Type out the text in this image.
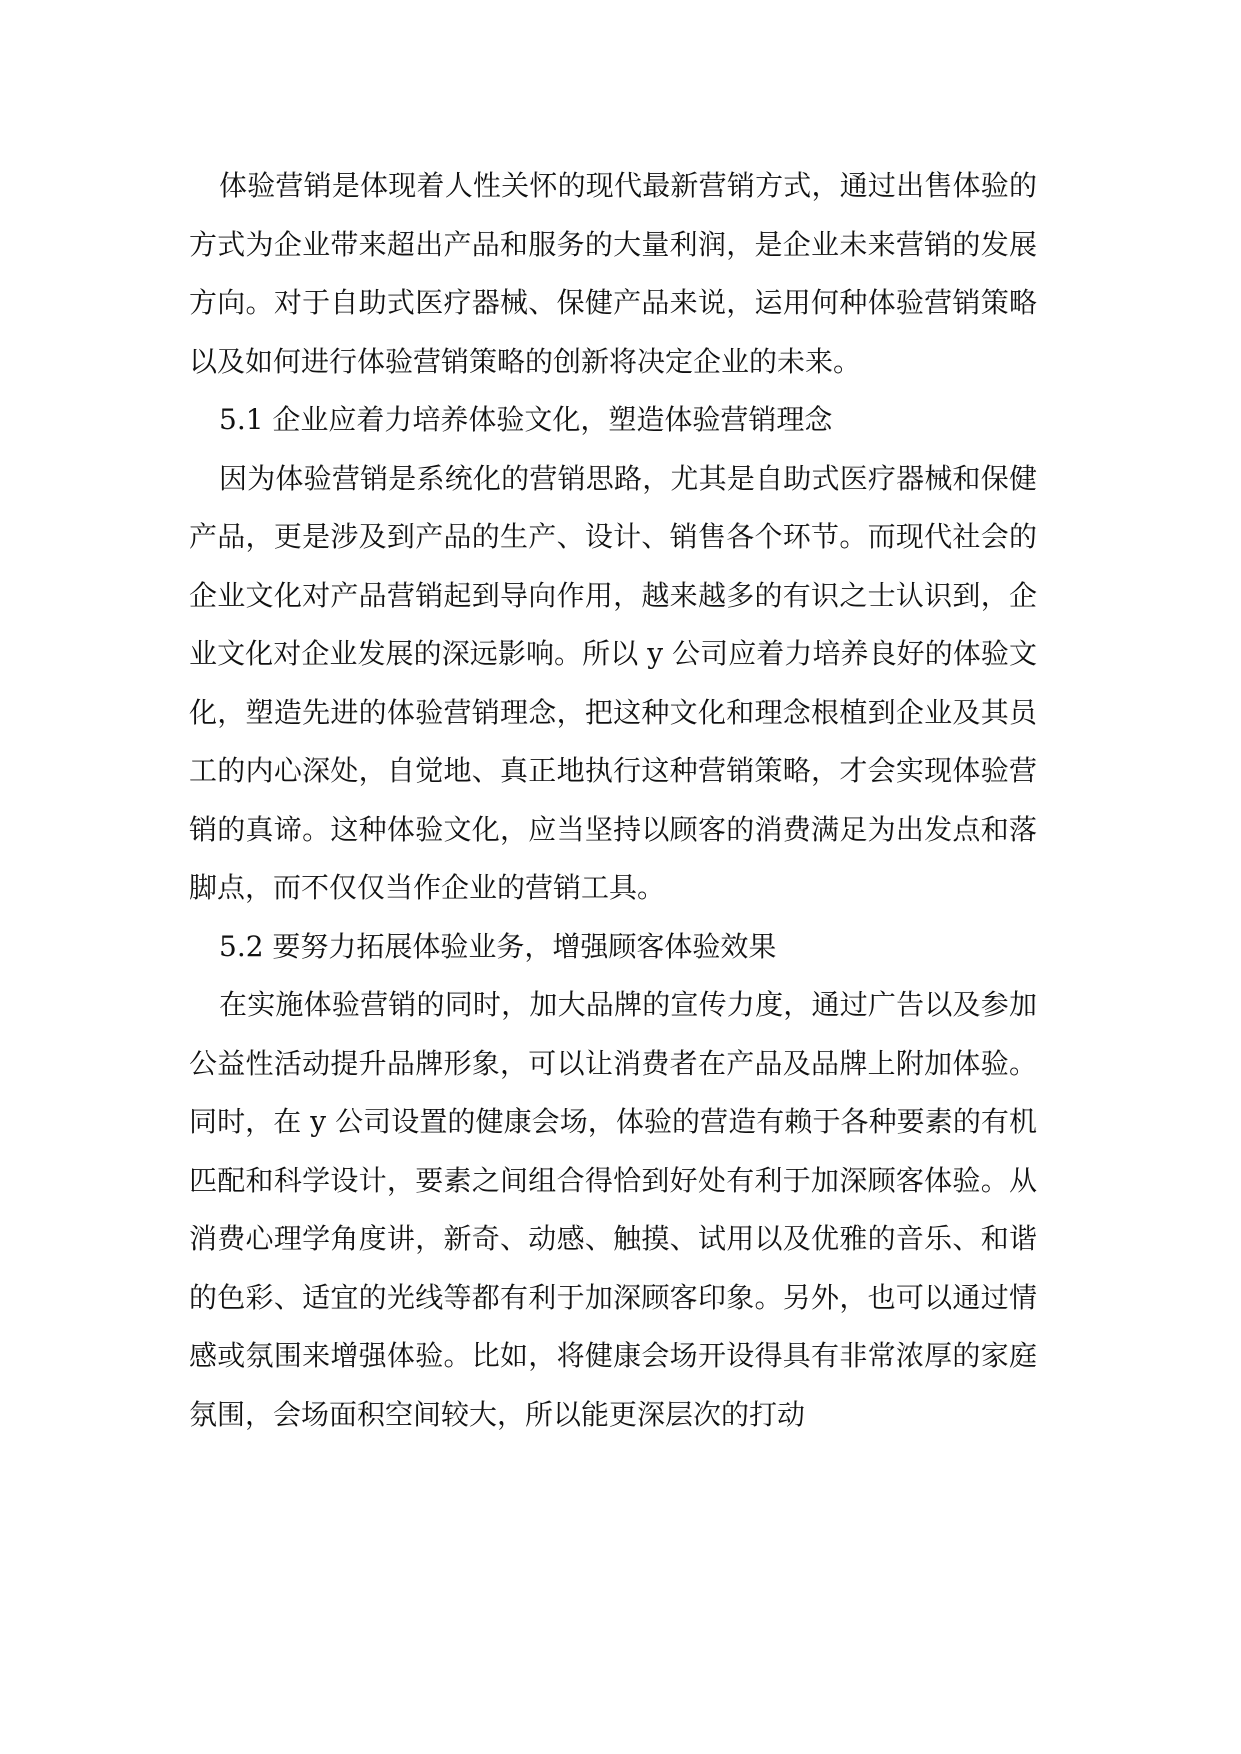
体验营销是体现着人性关怀的现代最新营销方式，通过出售体验的方式为企业带来超出产品和服务的大量利润，是企业未来营销的发展方向。对于自助式医疗器械、保健产品来说，运用何种体验营销策略以及如何进行体验营销策略的创新将决定企业的未来。

5.1 企业应着力培养体验文化，塑造体验营销理念

因为体验营销是系统化的营销思路，尤其是自助式医疗器械和保健产品，更是涉及到产品的生产、设计、销售各个环节。而现代社会的企业文化对产品营销起到导向作用，越来越多的有识之士认识到，企业文化对企业发展的深远影响。所以 y 公司应着力培养良好的体验文化，塑造先进的体验营销理念，把这种文化和理念根植到企业及其员工的内心深处，自觉地、真正地执行这种营销策略，才会实现体验营销的真谛。这种体验文化，应当坚持以顾客的消费满足为出发点和落脚点，而不仅仅当作企业的营销工具。

5.2 要努力拓展体验业务，增强顾客体验效果

在实施体验营销的同时，加大品牌的宣传力度，通过广告以及参加公益性活动提升品牌形象，可以让消费者在产品及品牌上附加体验。同时，在 y 公司设置的健康会场，体验的营造有赖于各种要素的有机匹配和科学设计，要素之间组合得恰到好处有利于加深顾客体验。从消费心理学角度讲，新奇、动感、触摸、试用以及优雅的音乐、和谐的色彩、适宜的光线等都有利于加深顾客印象。另外，也可以通过情感或氛围来增强体验。比如，将健康会场开设得具有非常浓厚的家庭氛围，会场面积空间较大，所以能更深层次的打动
